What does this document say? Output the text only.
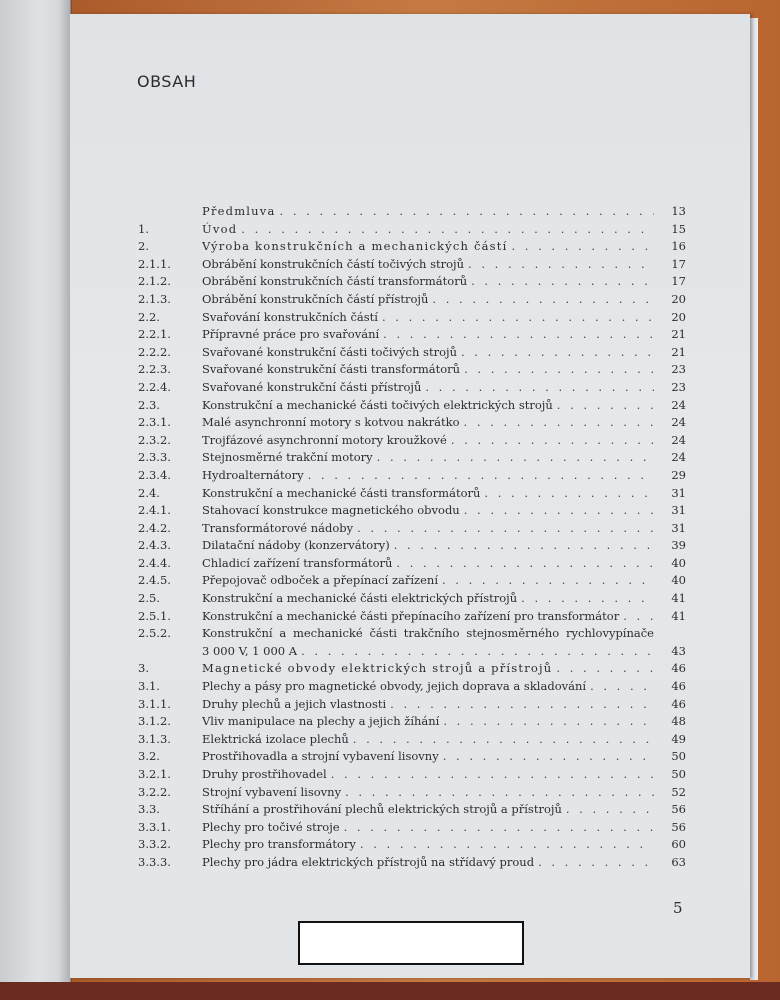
OBSAH
Předmluva . . .	13
1.	Úvod . . .	15
2.	Výroba konstrukčních a mechanických částí . . .	16
2.1.1.	Obrábění konstrukčních částí točivých strojů . . .	17
2.1.2.	Obrábění konstrukčních částí transformátorů . . .	17
2.1.3.	Obrábění konstrukčních částí přístrojů . . .	20
2.2.	Svařování konstrukčních částí . . .	20
2.2.1.	Přípravné práce pro svařování . . .	21
2.2.2.	Svařované konstrukční části točivých strojů . . .	21
2.2.3.	Svařované konstrukční části transformátorů . . .	23
2.2.4.	Svařované konstrukční části přístrojů . . .	23
2.3.	Konstrukční a mechanické části točivých elektrických strojů . . .	24
2.3.1.	Malé asynchronní motory s kotvou nakrátko . . .	24
2.3.2.	Trojfázové asynchronní motory kroužkové . . .	24
2.3.3.	Stejnosměrné trakční motory . . .	24
2.3.4.	Hydroalternátory . . .	29
2.4.	Konstrukční a mechanické části transformátorů . . .	31
2.4.1.	Stahovací konstrukce magnetického obvodu . . .	31
2.4.2.	Transformátorové nádoby . . .	31
2.4.3.	Dilatační nádoby (konzervátory) . . .	39
2.4.4.	Chladicí zařízení transformátorů . . .	40
2.4.5.	Přepojovač odboček a přepínací zařízení . . .	40
2.5.	Konstrukční a mechanické části elektrických přístrojů . . .	41
2.5.1.	Konstrukční a mechanické části přepínacího zařízení pro transformátor . . .	41
2.5.2.	Konstrukční a mechanické části trakčního stejnosměrného rychlovypínače
3 000 V, 1 000 A . . .	43
3.	Magnetické obvody elektrických strojů a přístrojů . . .	46
3.1.	Plechy a pásy pro magnetické obvody, jejich doprava a skladování . . .	46
3.1.1.	Druhy plechů a jejich vlastnosti . . .	46
3.1.2.	Vliv manipulace na plechy a jejich žíhání . . .	48
3.1.3.	Elektrická izolace plechů . . .	49
3.2.	Prostřihovadla a strojní vybavení lisovny . . .	50
3.2.1.	Druhy prostřihovadel . . .	50
3.2.2.	Strojní vybavení lisovny . . .	52
3.3.	Stříhání a prostřihování plechů elektrických strojů a přístrojů . . .	56
3.3.1.	Plechy pro točivé stroje . . .	56
3.3.2.	Plechy pro transformátory . . .	60
3.3.3.	Plechy pro jádra elektrických přístrojů na střídavý proud . . .	63
5
